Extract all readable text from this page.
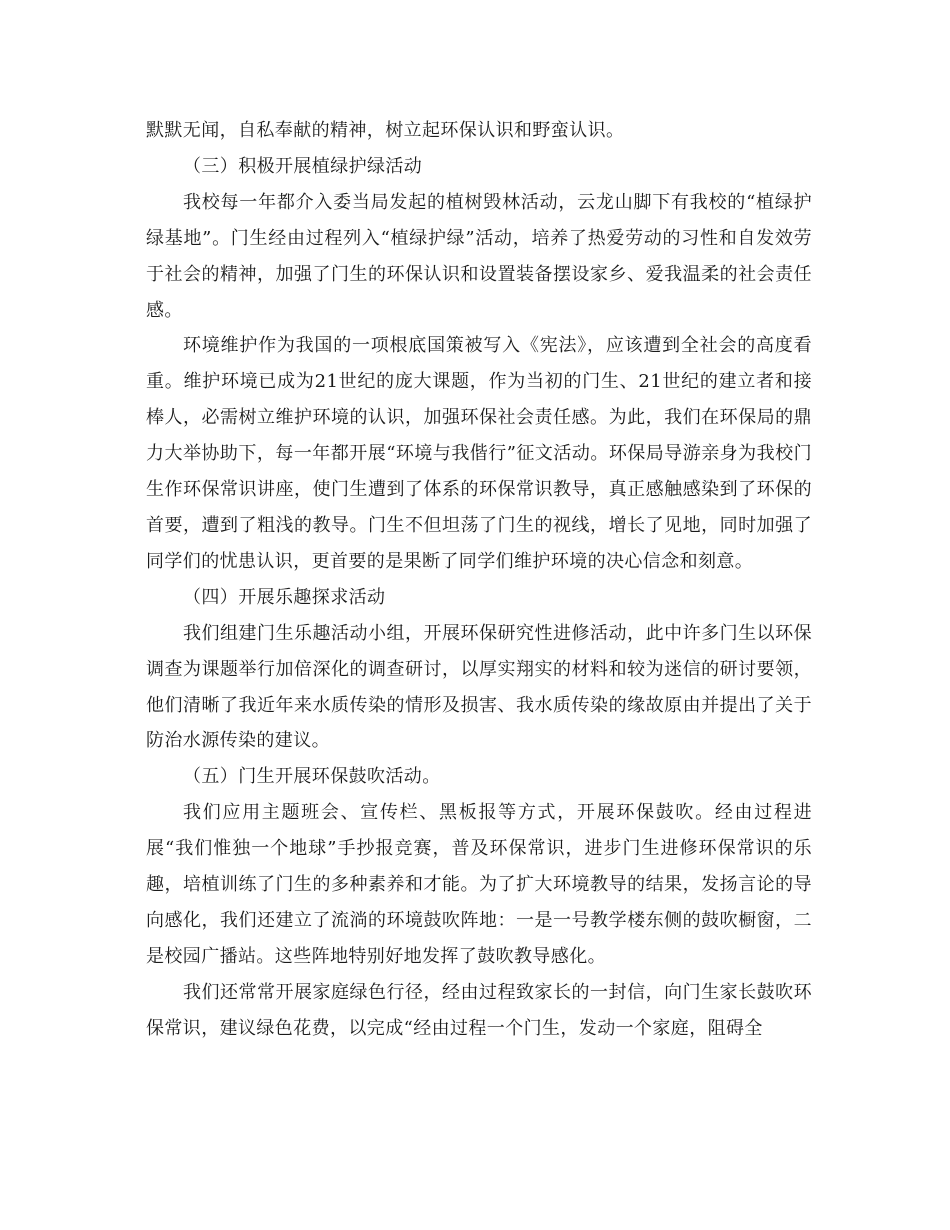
默默无闻，自私奉献的精神，树立起环保认识和野蛮认识。

（三）积极开展植绿护绿活动

我校每一年都介入委当局发起的植树毁林活动，云龙山脚下有我校的“植绿护绿基地”。门生经由过程列入“植绿护绿”活动，培养了热爱劳动的习性和自发效劳于社会的精神，加强了门生的环保认识和设置装备摆设家乡、爱我温柔的社会责任感。

环境维护作为我国的一项根底国策被写入《宪法》，应该遭到全社会的高度看重。维护环境已成为21世纪的庞大课题，作为当初的门生、21世纪的建立者和接棒人，必需树立维护环境的认识，加强环保社会责任感。为此，我们在环保局的鼎力大举协助下，每一年都开展“环境与我偕行”征文活动。环保局导游亲身为我校门生作环保常识讲座，使门生遭到了体系的环保常识教导，真正感触感染到了环保的首要，遭到了粗浅的教导。门生不但坦荡了门生的视线，增长了见地，同时加强了同学们的忧患认识，更首要的是果断了同学们维护环境的决心信念和刻意。

（四）开展乐趣探求活动

我们组建门生乐趣活动小组，开展环保研究性进修活动，此中许多门生以环保调查为课题举行加倍深化的调查研讨，以厚实翔实的材料和较为迷信的研讨要领，他们清晰了我近年来水质传染的情形及损害、我水质传染的缘故原由并提出了关于防治水源传染的建议。

（五）门生开展环保鼓吹活动。

我们应用主题班会、宣传栏、黑板报等方式，开展环保鼓吹。经由过程进展“我们惟独一个地球”手抄报竞赛，普及环保常识，进步门生进修环保常识的乐趣，培植训练了门生的多种素养和才能。为了扩大环境教导的结果，发扬言论的导向感化，我们还建立了流淌的环境鼓吹阵地：一是一号教学楼东侧的鼓吹橱窗，二是校园广播站。这些阵地特别好地发挥了鼓吹教导感化。

我们还常常开展家庭绿色行径，经由过程致家长的一封信，向门生家长鼓吹环保常识，建议绿色花费，以完成“经由过程一个门生，发动一个家庭，阻碍全
